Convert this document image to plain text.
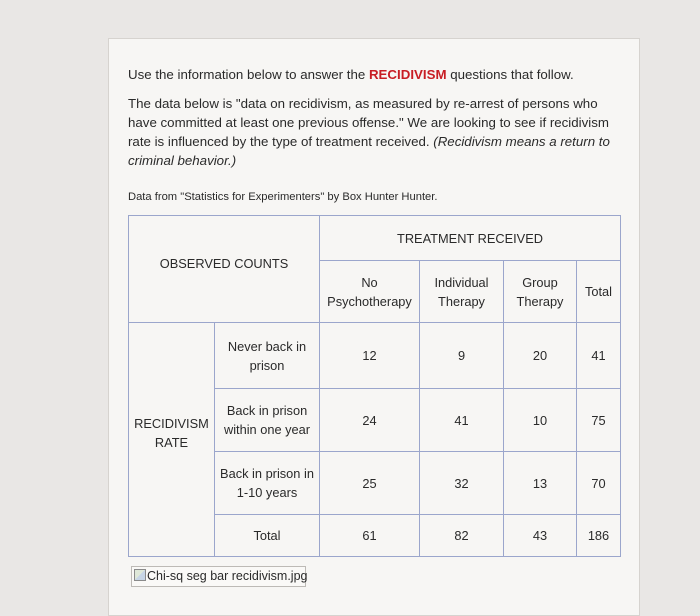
Use the information below to answer the RECIDIVISM questions that follow.

The data below is "data on recidivism, as measured by re-arrest of persons who have committed at least one previous offense." We are looking to see if recidivism rate is influenced by the type of treatment received. (Recidivism means a return to criminal behavior.)

Data from "Statistics for Experimenters" by Box Hunter Hunter.
OBSERVED COUNTS		TREATMENT RECEIVED			
		No Psychotherapy	Individual Therapy	Group Therapy	Total
RECIDIVISM RATE	Never back in prison	12	9	20	41
	Back in prison within one year	24	41	10	75
	Back in prison in 1-10 years	25	32	13	70
	Total	61	82	43	186
Chi-sq seg bar recidivism.jpg
